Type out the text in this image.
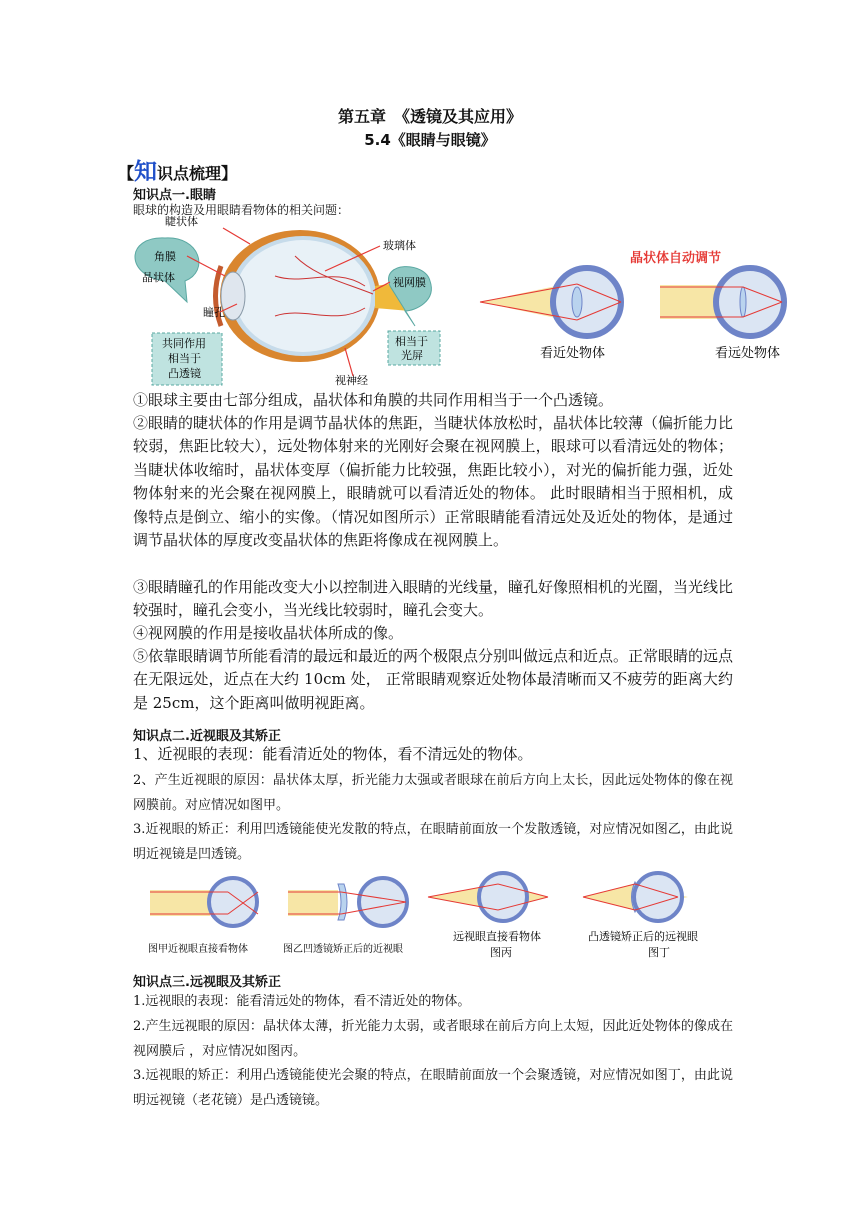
第五章　《透镜及其应用》
5.4《眼睛与眼镜》
【知识点梳理】
知识点一.眼睛
眼球的构造及用眼睛看物体的相关问题：
角膜
晶状体
睫状体
瞳孔
共同作用
相当于
凸透镜
视网膜
玻璃体
相当于
光屏
视神经
晶状体自动调节
看近处物体	看远处物体
①眼球主要由七部分组成，晶状体和角膜的共同作用相当于一个凸透镜。
②眼睛的睫状体的作用是调节晶状体的焦距，当睫状体放松时，晶状体比较薄（偏折能力比较弱，焦距比较大），远处物体射来的光刚好会聚在视网膜上，眼球可以看清远处的物体；当睫状体收缩时，晶状体变厚（偏折能力比较强，焦距比较小），对光的偏折能力强，近处物体射来的光会聚在视网膜上，眼睛就可以看清近处的物体。 此时眼睛相当于照相机，成像特点是倒立、缩小的实像。（情况如图所示）正常眼睛能看清远处及近处的物体，是通过调节晶状体的厚度改变晶状体的焦距将像成在视网膜上。
③眼睛瞳孔的作用能改变大小以控制进入眼睛的光线量，瞳孔好像照相机的光圈，当光线比较强时，瞳孔会变小，当光线比较弱时，瞳孔会变大。
④视网膜的作用是接收晶状体所成的像。
⑤依靠眼睛调节所能看清的最远和最近的两个极限点分别叫做远点和近点。正常眼睛的远点在无限远处，近点在大约 10cm 处， 正常眼睛观察近处物体最清晰而又不疲劳的距离大约是 25cm，这个距离叫做明视距离。
知识点二.近视眼及其矫正
1、近视眼的表现：能看清近处的物体，看不清远处的物体。
2、产生近视眼的原因：晶状体太厚，折光能力太强或者眼球在前后方向上太长，因此远处物体的像在视网膜前。对应情况如图甲。
3.近视眼的矫正：利用凹透镜能使光发散的特点，在眼睛前面放一个发散透镜，对应情况如图乙，由此说明近视镜是凹透镜。
图甲近视眼直接看物体	图乙凹透镜矫正后的近视眼
远视眼直接看物体
图丙
凸透镜矫正后的远视眼
图丁
知识点三.远视眼及其矫正
1.远视眼的表现：能看清远处的物体，看不清近处的物体。
2.产生远视眼的原因：晶状体太薄，折光能力太弱，或者眼球在前后方向上太短，因此近处物体的像成在视网膜后 ，对应情况如图丙。
3.远视眼的矫正：利用凸透镜能使光会聚的特点，在眼睛前面放一个会聚透镜，对应情况如图丁，由此说明远视镜（老花镜）是凸透镜镜。
